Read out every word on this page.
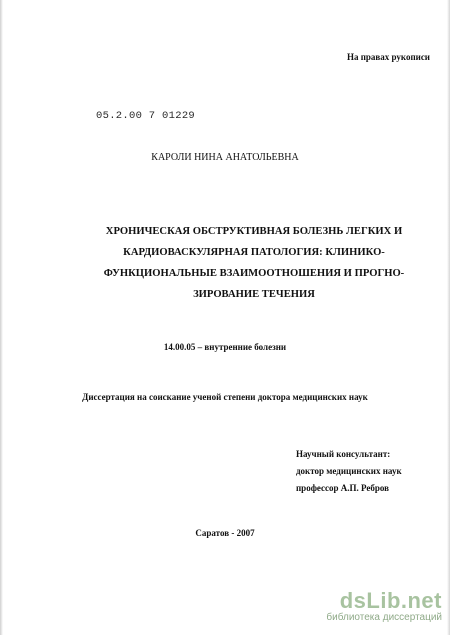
На правах рукописи
05.2.00 7 01229
КАРОЛИ НИНА АНАТОЛЬЕВНА
ХРОНИЧЕСКАЯ ОБСТРУКТИВНАЯ БОЛЕЗНЬ ЛЕГКИХ И
КАРДИОВАСКУЛЯРНАЯ ПАТОЛОГИЯ: КЛИНИКО-
ФУНКЦИОНАЛЬНЫЕ ВЗАИМООТНОШЕНИЯ И ПРОГНО-
ЗИРОВАНИЕ ТЕЧЕНИЯ
14.00.05 – внутренние болезни
Диссертация на соискание ученой степени доктора медицинских наук
Научный консультант:
доктор медицинских наук
профессор А.П. Ребров
Саратов - 2007
dsLib.net
библиотека диссертаций
